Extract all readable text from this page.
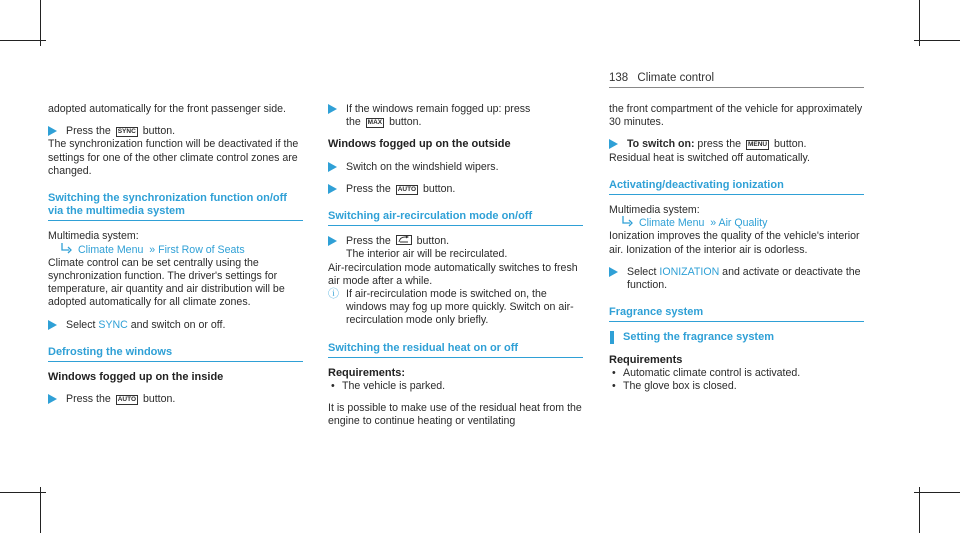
138 Climate control

adopted automatically for the front passenger side.

Press the SYNC button.

The synchronization function will be deactivated if the settings for one of the other climate control zones are changed.

Switching the synchronization function on/off via the multimedia system

Multimedia system:

Climate Menu » First Row of Seats

Climate control can be set centrally using the synchronization function. The driver's settings for temperature, air quantity and air distribution will be adopted automatically for all climate zones.

Select SYNC and switch on or off.

Defrosting the windows

Windows fogged up on the inside

Press the AUTO button.

If the windows remain fogged up: press
the MAX button.

Windows fogged up on the outside

Switch on the windshield wipers.

Press the AUTO button.

Switching air-recirculation mode on/off

Press the  button.
The interior air will be recirculated.

Air-recirculation mode automatically switches to fresh air mode after a while.

ⓘ If air-recirculation mode is switched on, the windows may fog up more quickly. Switch on air-recirculation mode only briefly.

Switching the residual heat on or off

Requirements:

• The vehicle is parked.

It is possible to make use of the residual heat from the engine to continue heating or ventilating

the front compartment of the vehicle for approximately 30 minutes.

To switch on: press the MENU button.

Residual heat is switched off automatically.

Activating/deactivating ionization

Multimedia system:

Climate Menu » Air Quality

Ionization improves the quality of the vehicle's interior air. Ionization of the interior air is odorless.

Select IONIZATION and activate or deactivate the function.

Fragrance system

Setting the fragrance system

Requirements

• Automatic climate control is activated.

• The glove box is closed.
